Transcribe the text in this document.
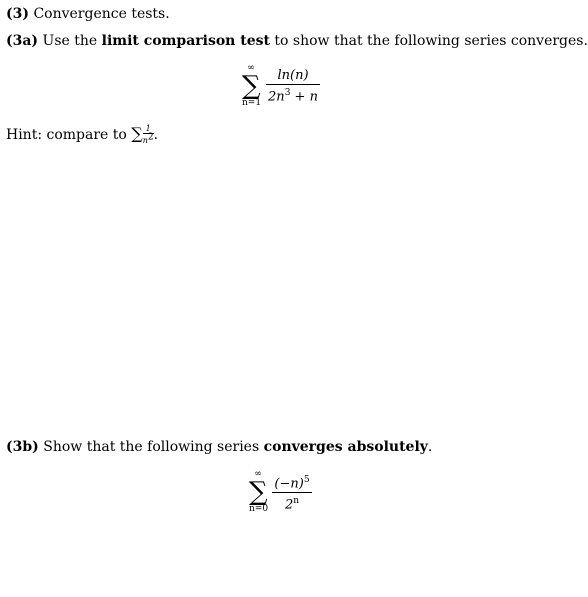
(3) Convergence tests.
(3a) Use the limit comparison test to show that the following series converges.
∞
∑
n=1
ln(n)
$2n^3 + n$
Hint: compare to $\sum\frac{1}{n^2}$.
(3b) Show that the following series converges absolutely.
∞
∑
n=0
$(-n)^5$
2$^n$
